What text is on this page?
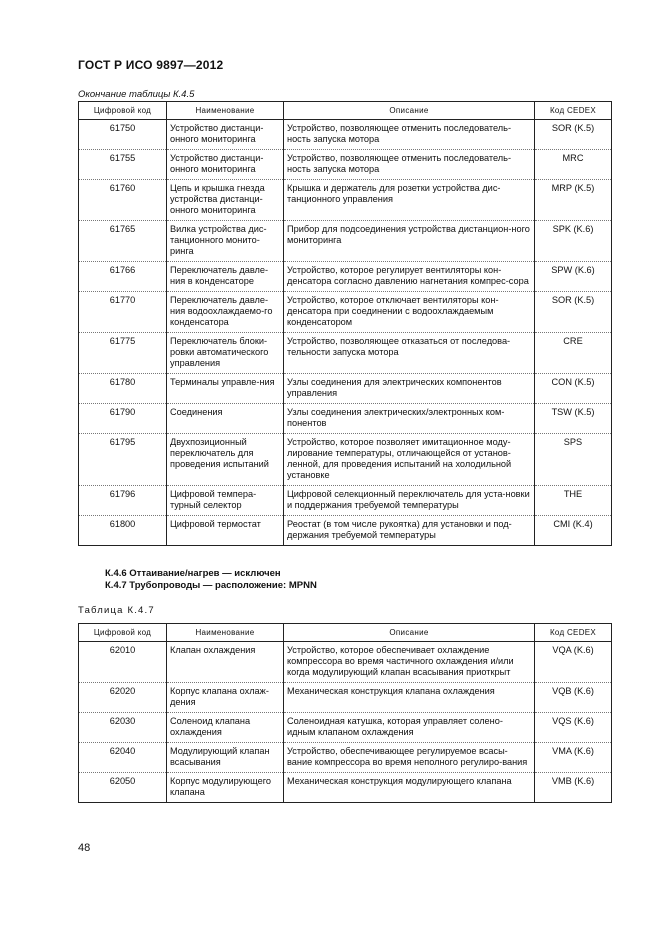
ГОСТ Р ИСО 9897—2012
Окончание таблицы К.4.5
Цифровой код	Наименование	Описание	Код CEDEX
61750	Устройство дистанци-онного мониторинга	Устройство, позволяющее отменить последователь-ность запуска мотора	SOR (K.5)
61755	Устройство дистанци-онного мониторинга	Устройство, позволяющее отменить последователь-ность запуска мотора	MRC
61760	Цепь и крышка гнезда устройства дистанци-онного мониторинга	Крышка и держатель для розетки устройства дис-танционного управления	MRP (K.5)
61765	Вилка устройства дис-танционного монито-ринга	Прибор для подсоединения устройства дистанцион-ного мониторинга	SPK (K.6)
61766	Переключатель давле-ния в конденсаторе	Устройство, которое регулирует вентиляторы кон-денсатора согласно давлению нагнетания компрес-сора	SPW (K.6)
61770	Переключатель давле-ния водоохлаждаемо-го конденсатора	Устройство, которое отключает вентиляторы кон-денсатора при соединении с водоохлаждаемым конденсатором	SOR (K.5)
61775	Переключатель блоки-ровки автоматического управления	Устройство, позволяющее отказаться от последова-тельности запуска мотора	CRE
61780	Терминалы управле-ния	Узлы соединения для электрических компонентов управления	CON (K.5)
61790	Соединения	Узлы соединения электрических/электронных ком-понентов	TSW (K.5)
61795	Двухпозиционный переключатель для проведения испытаний	Устройство, которое позволяет имитационное моду-лирование температуры, отличающейся от установ-ленной, для проведения испытаний на холодильной установке	SPS
61796	Цифровой темпера-турный селектор	Цифровой селекционный переключатель для уста-новки и поддержания требуемой температуры	THE
61800	Цифровой термостат	Реостат (в том числе рукоятка) для установки и под-держания требуемой температуры	CMI (K.4)
К.4.6 Оттаивание/нагрев — исключен
К.4.7 Трубопроводы — расположение: MPNN
Таблица К.4.7
Цифровой код	Наименование	Описание	Код CEDEX
62010	Клапан охлаждения	Устройство, которое обеспечивает охлаждение компрессора во время частичного охлаждения и/или когда модулирующий клапан всасывания приоткрыт	VQA (K.6)
62020	Корпус клапана охлаж-дения	Механическая конструкция клапана охлаждения	VQB (K.6)
62030	Соленоид клапана охлаждения	Соленоидная катушка, которая управляет солено-идным клапаном охлаждения	VQS (K.6)
62040	Модулирующий клапан всасывания	Устройство, обеспечивающее регулируемое всасы-вание компрессора во время неполного регулиро-вания	VMA (K.6)
62050	Корпус модулирующего клапана	Механическая конструкция модулирующего клапана	VMB (K.6)
48
